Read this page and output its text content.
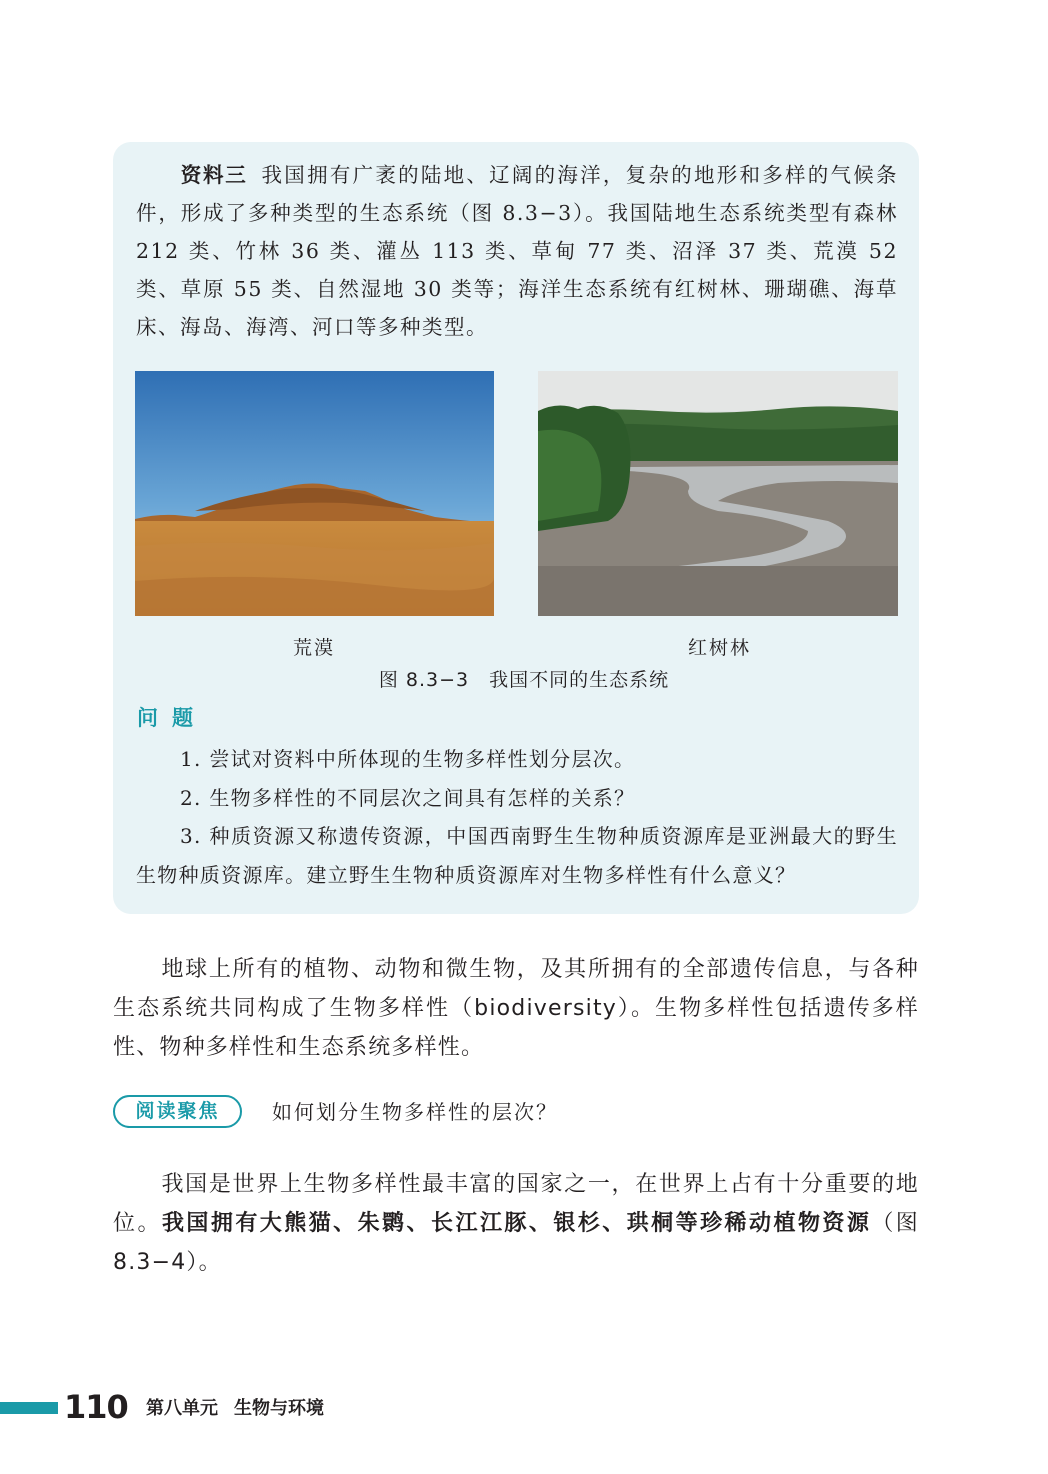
资料三 我国拥有广袤的陆地、辽阔的海洋，复杂的地形和多样的气候条件，形成了多种类型的生态系统（图 8.3−3）。我国陆地生态系统类型有森林 212 类、竹林 36 类、灌丛 113 类、草甸 77 类、沼泽 37 类、荒漠 52 类、草原 55 类、自然湿地 30 类等；海洋生态系统有红树林、珊瑚礁、海草床、海岛、海湾、河口等多种类型。
荒漠	红树林
图 8.3−3　我国不同的生态系统
问题
1. 尝试对资料中所体现的生物多样性划分层次。
2. 生物多样性的不同层次之间具有怎样的关系？
3. 种质资源又称遗传资源，中国西南野生生物种质资源库是亚洲最大的野生生物种质资源库。建立野生生物种质资源库对生物多样性有什么意义？
地球上所有的植物、动物和微生物，及其所拥有的全部遗传信息，与各种生态系统共同构成了生物多样性（biodiversity）。生物多样性包括遗传多样性、物种多样性和生态系统多样性。
阅读聚焦	如何划分生物多样性的层次？
我国是世界上生物多样性最丰富的国家之一，在世界上占有十分重要的地位。我国拥有大熊猫、朱鹮、长江江豚、银杉、珙桐等珍稀动植物资源（图 8.3−4）。
110 第八单元 生物与环境
